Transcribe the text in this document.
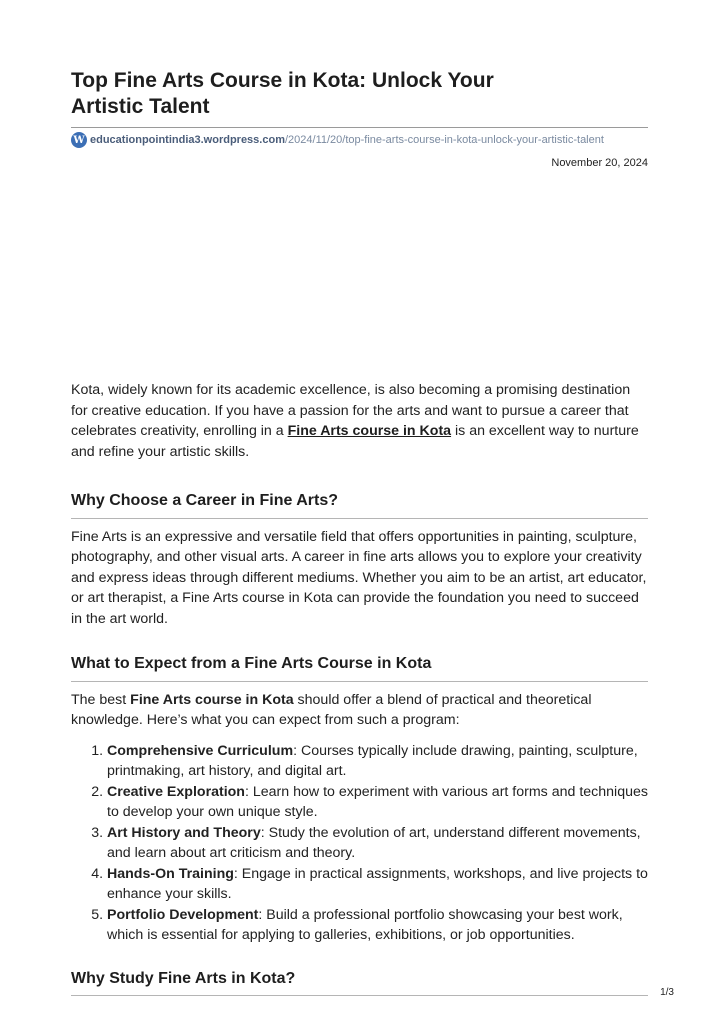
Top Fine Arts Course in Kota: Unlock Your Artistic Talent
W educationpointindia3.wordpress.com /2024/11/20/top-fine-arts-course-in-kota-unlock-your-artistic-talent
November 20, 2024

Kota, widely known for its academic excellence, is also becoming a promising destination for creative education. If you have a passion for the arts and want to pursue a career that celebrates creativity, enrolling in a Fine Arts course in Kota is an excellent way to nurture and refine your artistic skills.

Why Choose a Career in Fine Arts?

Fine Arts is an expressive and versatile field that offers opportunities in painting, sculpture, photography, and other visual arts. A career in fine arts allows you to explore your creativity and express ideas through different mediums. Whether you aim to be an artist, art educator, or art therapist, a Fine Arts course in Kota can provide the foundation you need to succeed in the art world.

What to Expect from a Fine Arts Course in Kota

The best Fine Arts course in Kota should offer a blend of practical and theoretical knowledge. Here’s what you can expect from such a program:

1. Comprehensive Curriculum: Courses typically include drawing, painting, sculpture, printmaking, art history, and digital art.
2. Creative Exploration: Learn how to experiment with various art forms and techniques to develop your own unique style.
3. Art History and Theory: Study the evolution of art, understand different movements, and learn about art criticism and theory.
4. Hands-On Training: Engage in practical assignments, workshops, and live projects to enhance your skills.
5. Portfolio Development: Build a professional portfolio showcasing your best work, which is essential for applying to galleries, exhibitions, or job opportunities.
Why Study Fine Arts in Kota?
1/3
